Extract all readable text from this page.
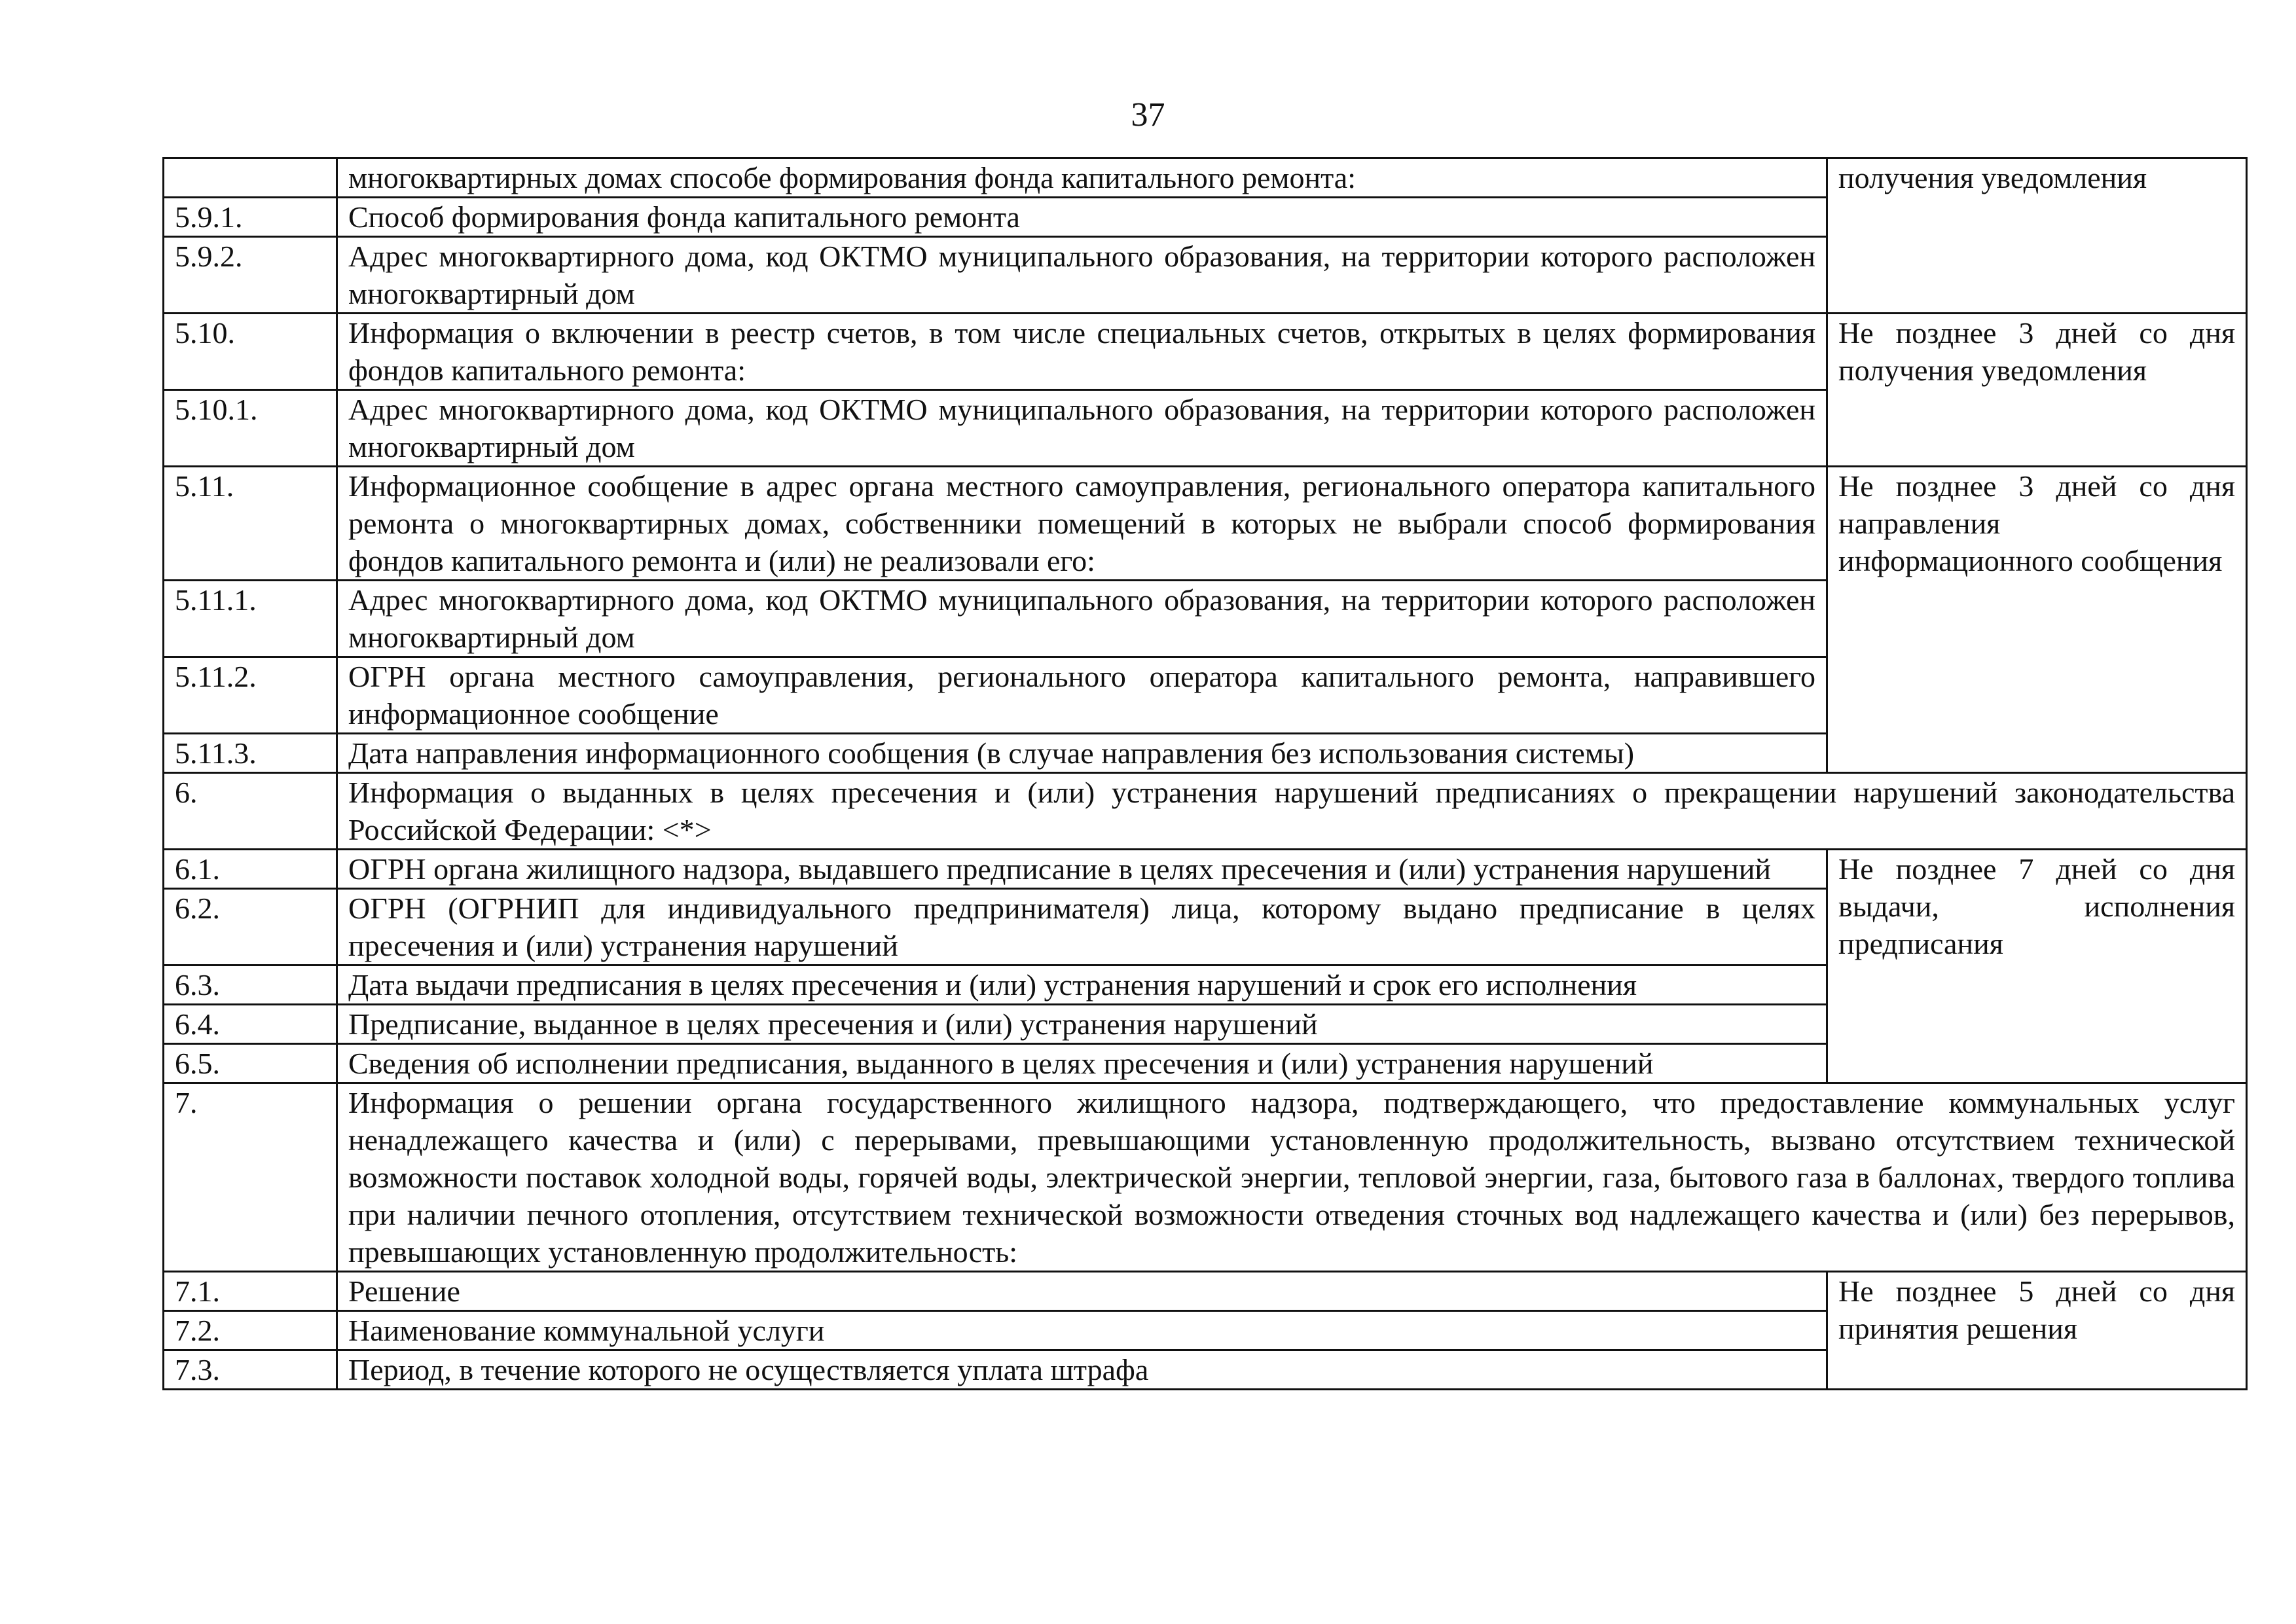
37
	многоквартирных домах способе формирования фонда капитального ремонта:	получения уведомления
5.9.1.	Способ формирования фонда капитального ремонта	
5.9.2.	Адрес многоквартирного дома, код ОКТМО муниципального образования, на территории которого расположен многоквартирный дом	
5.10.	Информация о включении в реестр счетов, в том числе специальных счетов, открытых в целях формирования фондов капитального ремонта:	Не позднее 3 дней со дня получения уведомления
5.10.1.	Адрес многоквартирного дома, код ОКТМО муниципального образования, на территории которого расположен многоквартирный дом	
5.11.	Информационное сообщение в адрес органа местного самоуправления, регионального оператора капитального ремонта о многоквартирных домах, собственники помещений в которых не выбрали способ формирования фондов капитального ремонта и (или) не реализовали его:	Не позднее 3 дней со дня направления информационного сообщения
5.11.1.	Адрес многоквартирного дома, код ОКТМО муниципального образования, на территории которого расположен многоквартирный дом	
5.11.2.	ОГРН органа местного самоуправления, регионального оператора капитального ремонта, направившего информационное сообщение	
5.11.3.	Дата направления информационного сообщения (в случае направления без использования системы)	
6.	Информация о выданных в целях пресечения и (или) устранения нарушений предписаниях о прекращении нарушений законодательства Российской Федерации: <*>	
6.1.	ОГРН органа жилищного надзора, выдавшего предписание в целях пресечения и (или) устранения нарушений	Не позднее 7 дней со дня выдачи, исполнения предписания
6.2.	ОГРН (ОГРНИП для индивидуального предпринимателя) лица, которому выдано предписание в целях пресечения и (или) устранения нарушений	
6.3.	Дата выдачи предписания в целях пресечения и (или) устранения нарушений и срок его исполнения	
6.4.	Предписание, выданное в целях пресечения и (или) устранения нарушений	
6.5.	Сведения об исполнении предписания, выданного в целях пресечения и (или) устранения нарушений	
7.	Информация о решении органа государственного жилищного надзора, подтверждающего, что предоставление коммунальных услуг ненадлежащего качества и (или) с перерывами, превышающими установленную продолжительность, вызвано отсутствием технической возможности поставок холодной воды, горячей воды, электрической энергии, тепловой энергии, газа, бытового газа в баллонах, твердого топлива при наличии печного отопления, отсутствием технической возможности отведения сточных вод надлежащего качества и (или) без перерывов, превышающих установленную продолжительность:	
7.1.	Решение	Не позднее 5 дней со дня принятия решения
7.2.	Наименование коммунальной услуги	
7.3.	Период, в течение которого не осуществляется уплата штрафа	
